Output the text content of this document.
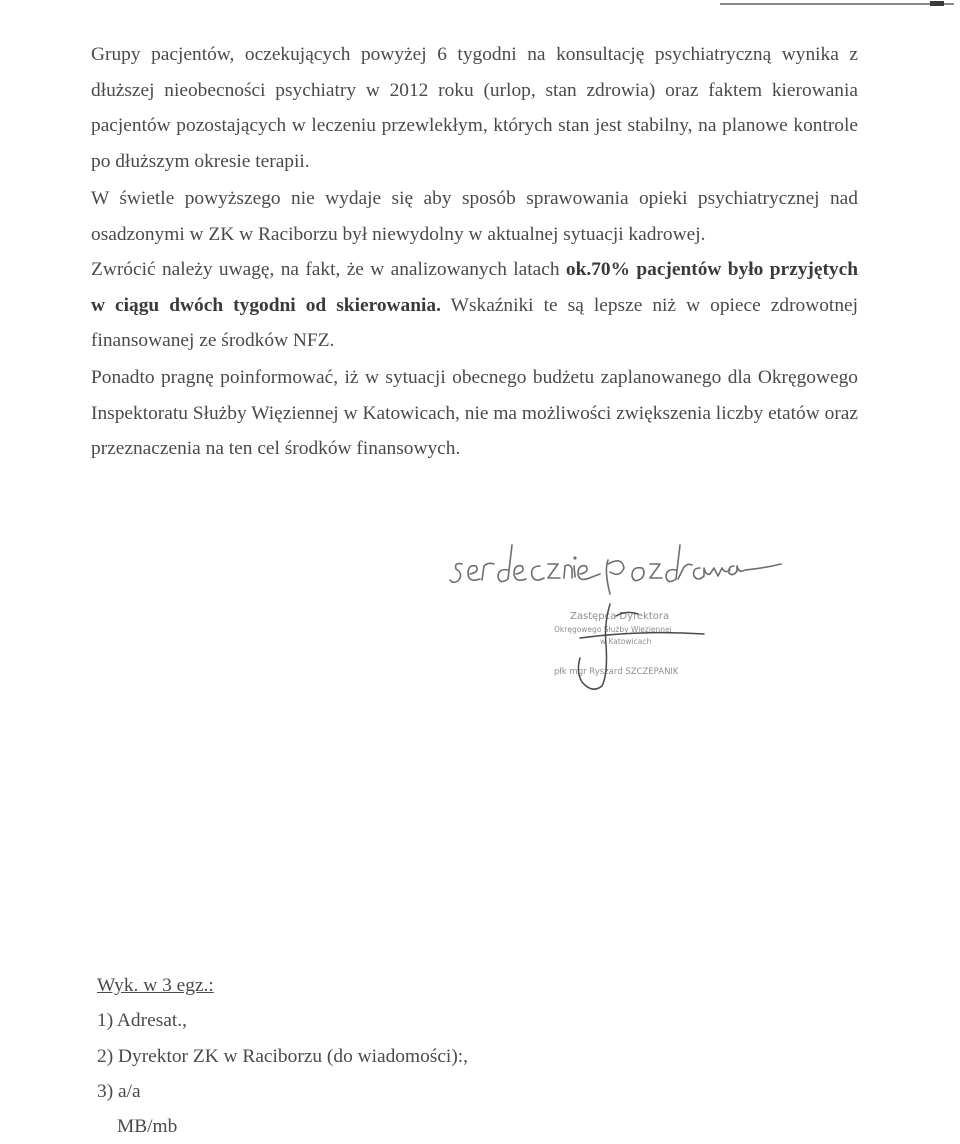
Grupy pacjentów, oczekujących powyżej 6 tygodni na konsultację psychiatryczną wynika z dłuższej nieobecności psychiatry w 2012 roku (urlop, stan zdrowia) oraz faktem kierowania pacjentów pozostających w leczeniu przewlekłym, których stan jest stabilny, na planowe kontrole po dłuższym okresie terapii.
W świetle powyższego nie wydaje się aby sposób sprawowania opieki psychiatrycznej nad osadzonymi w ZK w Raciborzu był niewydolny w aktualnej sytuacji kadrowej.
Zwrócić należy uwagę, na fakt, że w analizowanych latach ok.70% pacjentów było przyjętych w ciągu dwóch tygodni od skierowania. Wskaźniki te są lepsze niż w opiece zdrowotnej finansowanej ze środków NFZ.
Ponadto pragnę poinformować, iż w sytuacji obecnego budżetu zaplanowanego dla Okręgowego Inspektoratu Służby Więziennej w Katowicach, nie ma możliwości zwiększenia liczby etatów oraz przeznaczenia na ten cel środków finansowych.
Zastępca Dyrektora
Okręgowego Służby Więziennej
w Katowicach
płk mgr Ryszard SZCZEPANIK
Wyk. w 3 egz.:
1) Adresat.,
2) Dyrektor ZK w Raciborzu (do wiadomości):,
3) a/a
MB/mb
